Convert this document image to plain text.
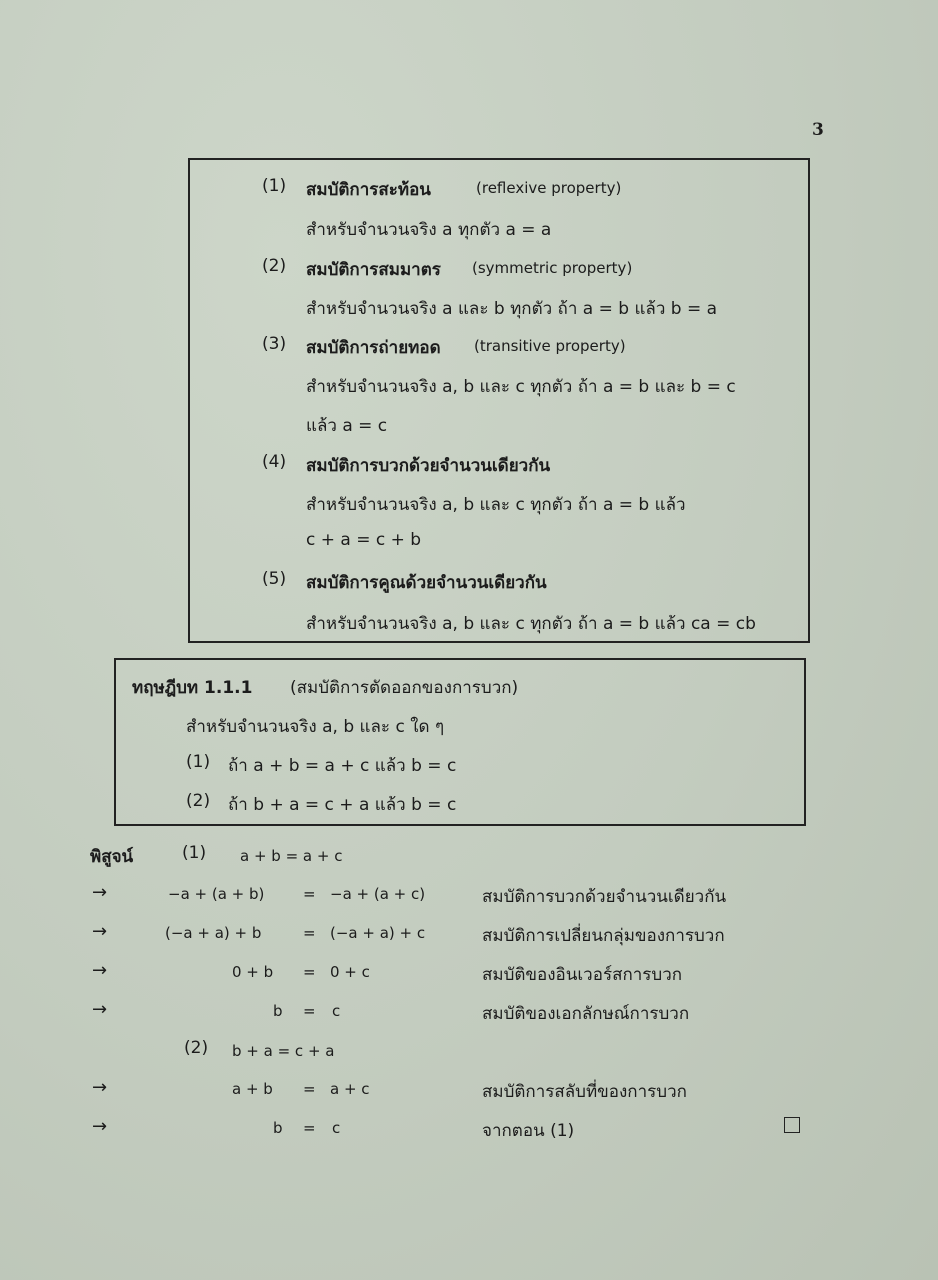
3
(1) สมบัติการสะท้อน	(reflexive property)
สำหรับจำนวนจริง a ทุกตัว a = a
(2) สมบัติการสมมาตร (symmetric property)
สำหรับจำนวนจริง a และ b ทุกตัว ถ้า a = b แล้ว b = a
(3) สมบัติการถ่ายทอด (transitive property)
สำหรับจำนวนจริง a, b และ c ทุกตัว ถ้า a = b และ b = c
แล้ว a = c
(4) สมบัติการบวกด้วยจำนวนเดียวกัน
สำหรับจำนวนจริง a, b และ c ทุกตัว ถ้า a = b แล้ว
c + a = c + b
(5) สมบัติการคูณด้วยจำนวนเดียวกัน
สำหรับจำนวนจริง a, b และ c ทุกตัว ถ้า a = b แล้ว ca = cb
ทฤษฎีบท 1.1.1 (สมบัติการตัดออกของการบวก)
สำหรับจำนวนจริง a, b และ c ใด ๆ
(1) ถ้า a + b = a + c แล้ว b = c
(2) ถ้า b + a = c + a แล้ว b = c
พิสูจน์	(1) a + b = a + c
→	−a + (a + b)	= −a + (a + c)	สมบัติการบวกด้วยจำนวนเดียวกัน
→	(−a + a) + b	= (−a + a) + c	สมบัติการเปลี่ยนกลุ่มของการบวก
→	0 + b = 0 + c	สมบัติของอินเวอร์สการบวก
→	b = c	สมบัติของเอกลักษณ์การบวก
(2) b + a = c + a
→	a + b = a + c	สมบัติการสลับที่ของการบวก
→	b = c	จากตอน (1)
